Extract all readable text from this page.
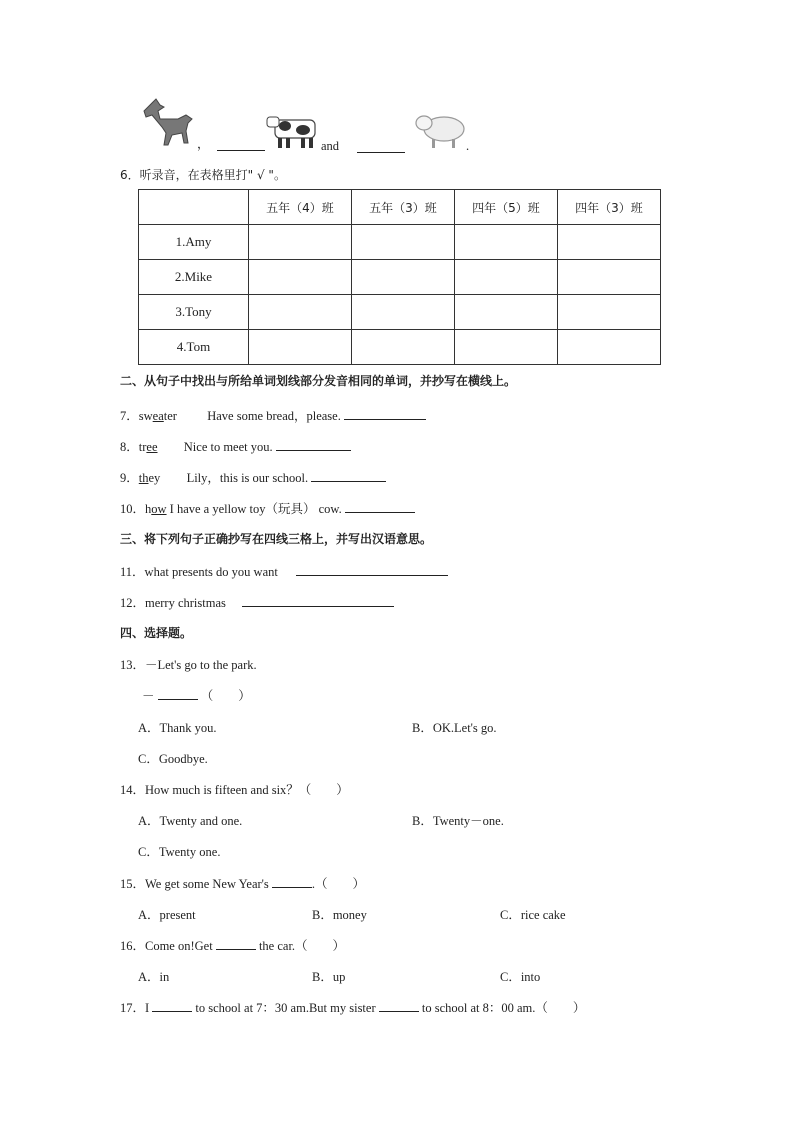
，	and	.
6．听录音，在表格里打" √ "。
	五年（4）班	五年（3）班	四年（5）班	四年（3）班
1.Amy				
2.Mike				
3.Tony				
4.Tom				
二、从句子中找出与所给单词划线部分发音相同的单词，并抄写在横线上。
7．sweater Have some bread，please.
8．tree Nice to meet you.
9．they Lily，this is our school.
10．how I have a yellow toy（玩具） cow.
三、将下列句子正确抄写在四线三格上，并写出汉语意思。
11．what presents do you want
12．merry christmas
四、选择题。
13．－Let's go to the park.
－	（　　）
A．Thank you.	B．OK.Let's go.
C．Goodbye.
14．How much is fifteen and six？（　　）
A．Twenty and one.	B．Twenty－one.
C．Twenty one.
15．We get some New Year's	.（　　）
A．present	B．money	C．rice cake
16．Come on!Get	the car.（　　）
A．in	B．up	C．into
17．I	to school at 7：30 am.But my sister	to school at 8：00 am.（　　）
